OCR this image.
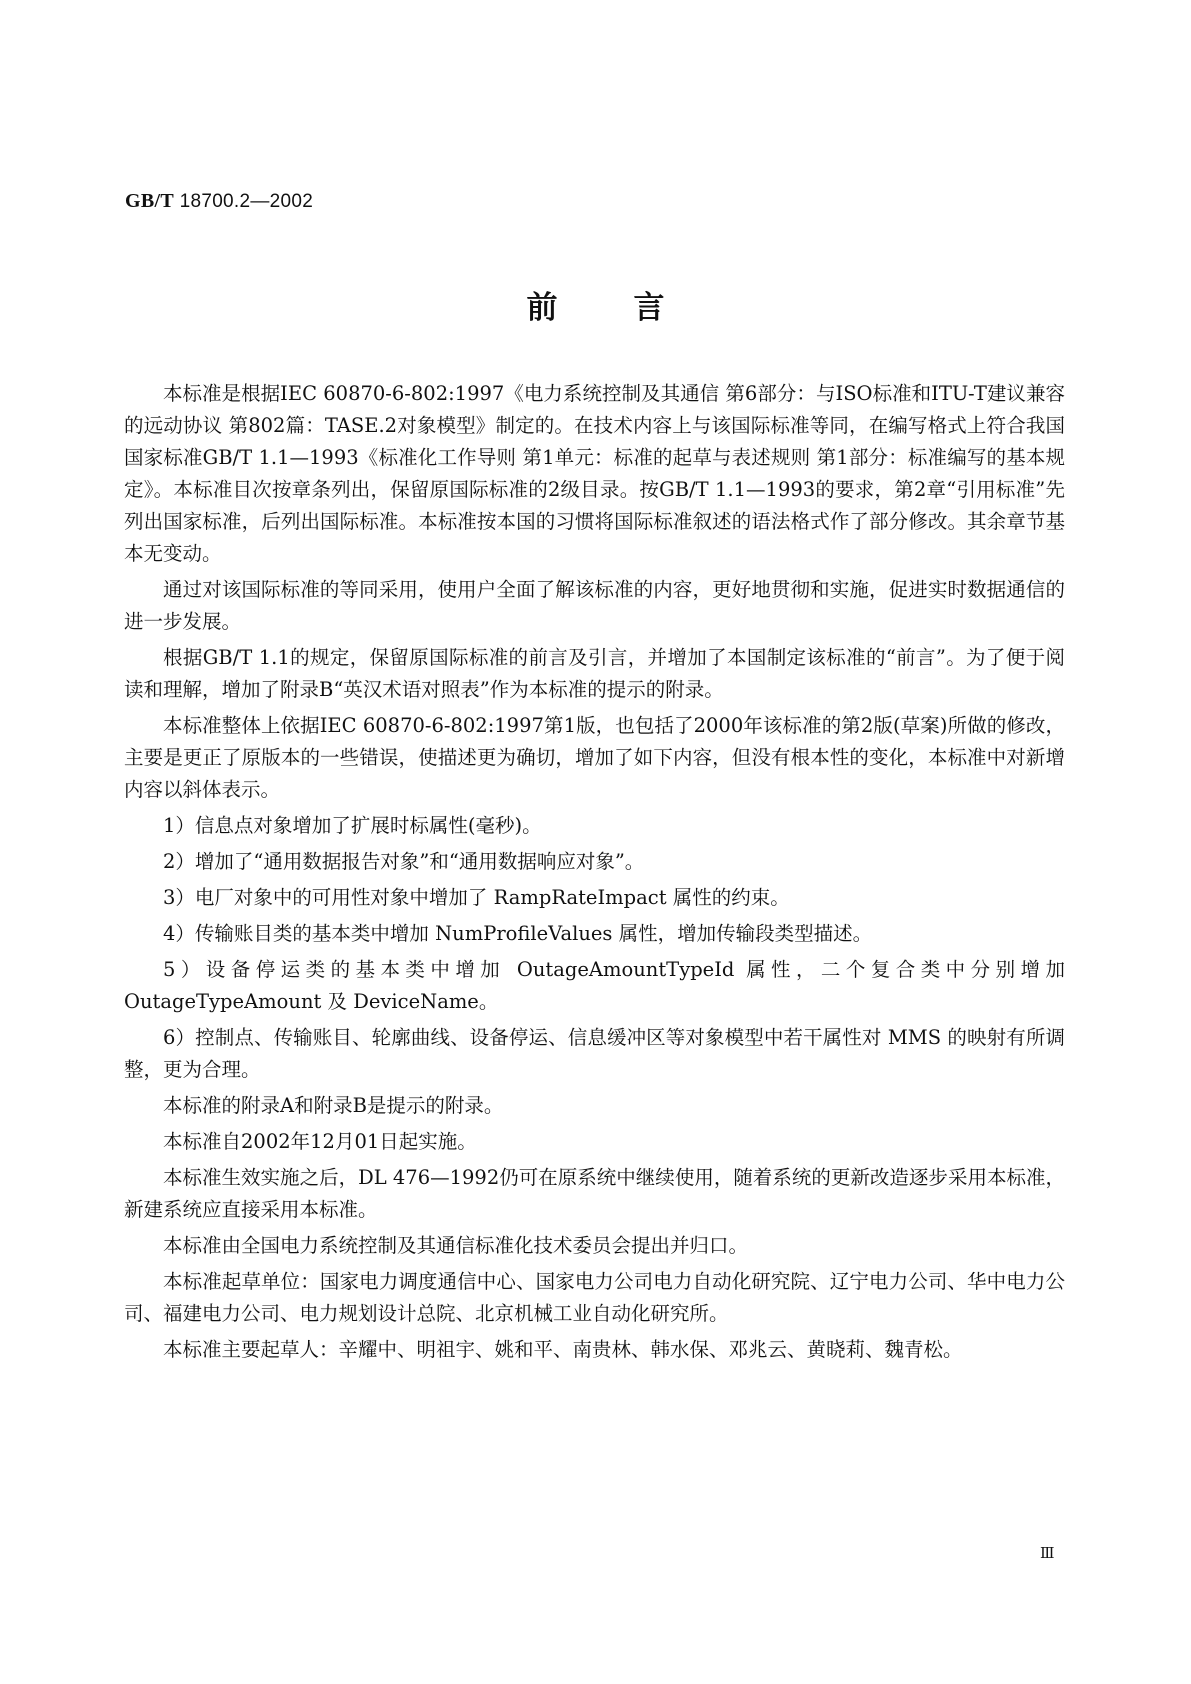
GB/T 18700.2—2002
前言

本标准是根据IEC 60870-6-802:1997《电力系统控制及其通信 第6部分：与ISO标准和ITU-T建议兼容的远动协议 第802篇：TASE.2对象模型》制定的。在技术内容上与该国际标准等同，在编写格式上符合我国国家标准GB/T 1.1—1993《标准化工作导则 第1单元：标准的起草与表述规则 第1部分：标准编写的基本规定》。本标准目次按章条列出，保留原国际标准的2级目录。按GB/T 1.1—1993的要求，第2章“引用标准”先列出国家标准，后列出国际标准。本标准按本国的习惯将国际标准叙述的语法格式作了部分修改。其余章节基本无变动。

通过对该国际标准的等同采用，使用户全面了解该标准的内容，更好地贯彻和实施，促进实时数据通信的进一步发展。

根据GB/T 1.1的规定，保留原国际标准的前言及引言，并增加了本国制定该标准的“前言”。为了便于阅读和理解，增加了附录B“英汉术语对照表”作为本标准的提示的附录。

本标准整体上依据IEC 60870-6-802:1997第1版，也包括了2000年该标准的第2版(草案)所做的修改，主要是更正了原版本的一些错误，使描述更为确切，增加了如下内容，但没有根本性的变化，本标准中对新增内容以斜体表示。

1）信息点对象增加了扩展时标属性(毫秒)。

2）增加了“通用数据报告对象”和“通用数据响应对象”。

3）电厂对象中的可用性对象中增加了 RampRateImpact 属性的约束。

4）传输账目类的基本类中增加 NumProfileValues 属性，增加传输段类型描述。

5）设备停运类的基本类中增加 OutageAmountTypeId 属性，二个复合类中分别增加 OutageTypeAmount 及 DeviceName。

6）控制点、传输账目、轮廓曲线、设备停运、信息缓冲区等对象模型中若干属性对 MMS 的映射有所调整，更为合理。

本标准的附录A和附录B是提示的附录。

本标准自2002年12月01日起实施。

本标准生效实施之后，DL 476—1992仍可在原系统中继续使用，随着系统的更新改造逐步采用本标准，新建系统应直接采用本标准。

本标准由全国电力系统控制及其通信标准化技术委员会提出并归口。

本标准起草单位：国家电力调度通信中心、国家电力公司电力自动化研究院、辽宁电力公司、华中电力公司、福建电力公司、电力规划设计总院、北京机械工业自动化研究所。

本标准主要起草人：辛耀中、明祖宇、姚和平、南贵林、韩水保、邓兆云、黄晓莉、魏青松。

Ⅲ
